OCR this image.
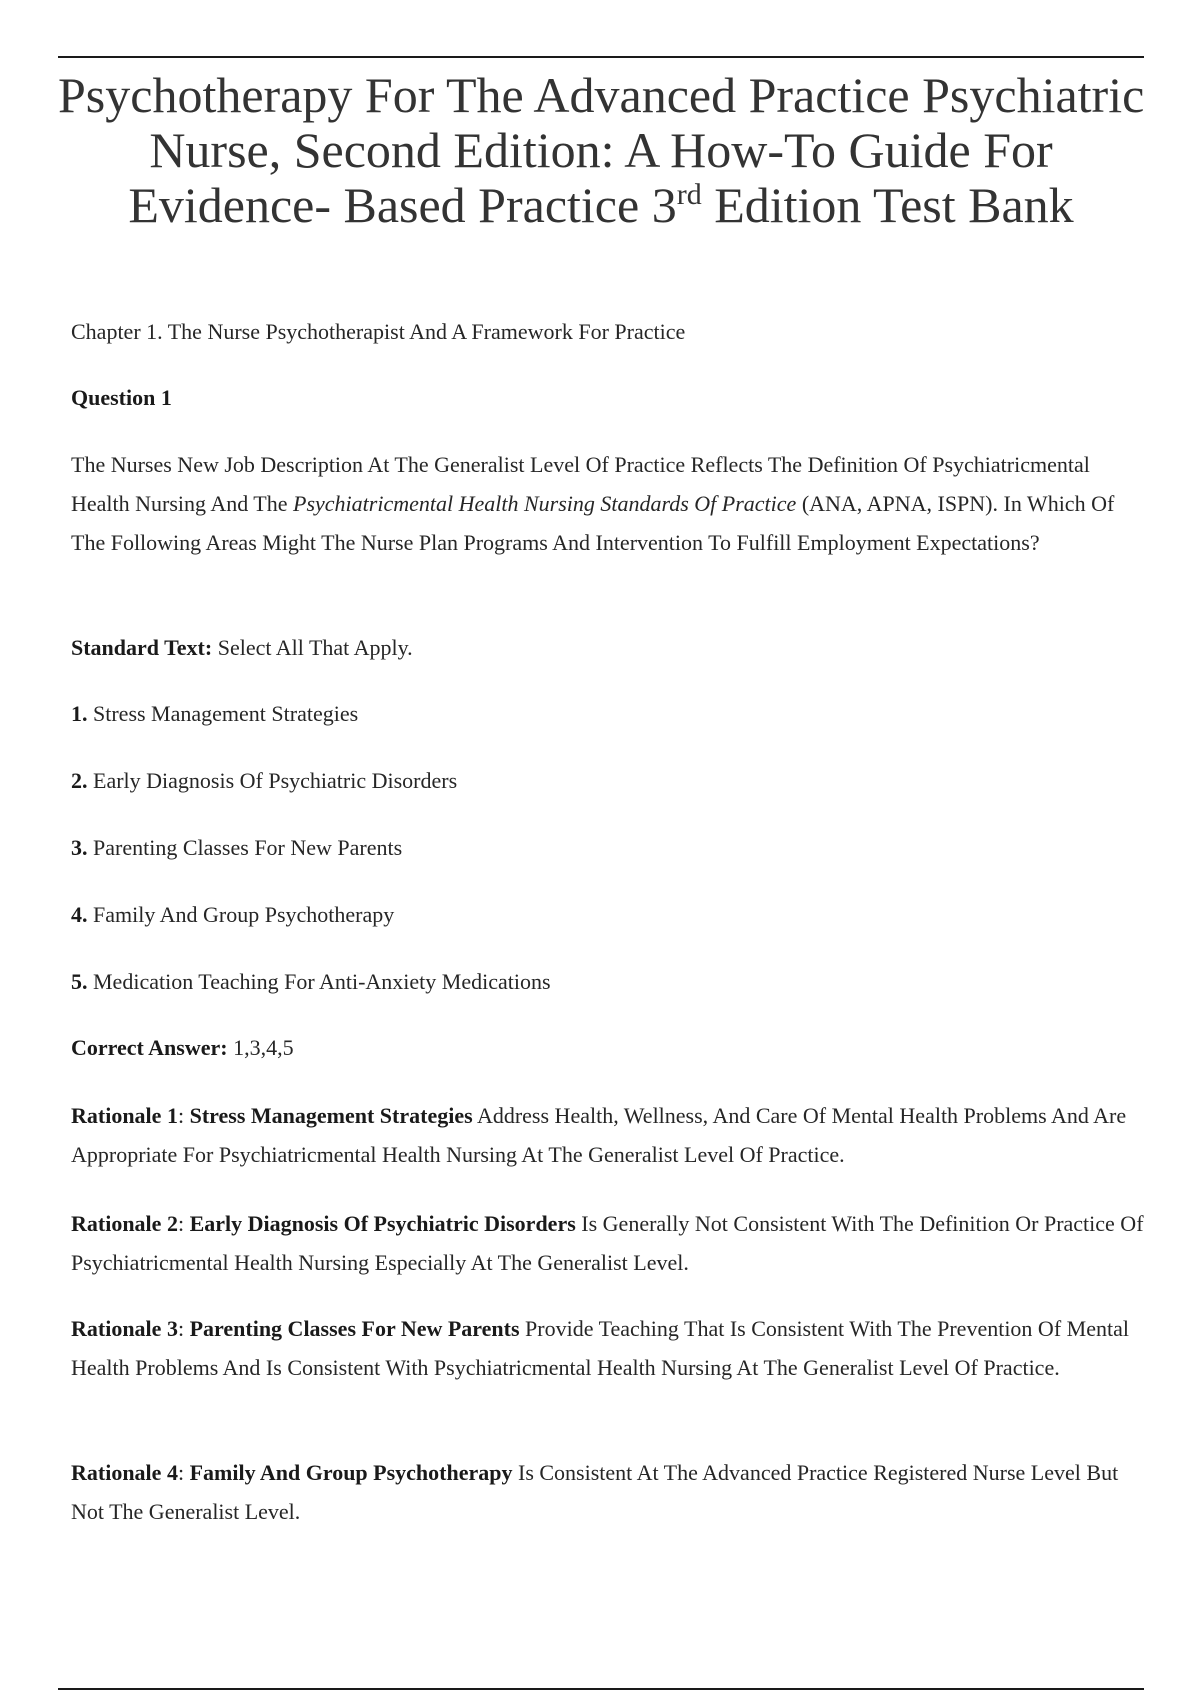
Psychotherapy For The Advanced Practice Psychiatric
Nurse, Second Edition: A How-To Guide For
Evidence- Based Practice 3rd Edition Test Bank

Chapter 1. The Nurse Psychotherapist And A Framework For Practice

Question 1

The Nurses New Job Description At The Generalist Level Of Practice Reflects The Definition Of Psychiatricmental Health Nursing And The Psychiatricmental Health Nursing Standards Of Practice (ANA, APNA, ISPN). In Which Of The Following Areas Might The Nurse Plan Programs And Intervention To Fulfill Employment Expectations?

Standard Text: Select All That Apply.

1. Stress Management Strategies

2. Early Diagnosis Of Psychiatric Disorders

3. Parenting Classes For New Parents

4. Family And Group Psychotherapy

5. Medication Teaching For Anti-Anxiety Medications

Correct Answer: 1,3,4,5

Rationale 1: Stress Management Strategies Address Health, Wellness, And Care Of Mental Health Problems And Are Appropriate For Psychiatricmental Health Nursing At The Generalist Level Of Practice.

Rationale 2: Early Diagnosis Of Psychiatric Disorders Is Generally Not Consistent With The Definition Or Practice Of Psychiatricmental Health Nursing Especially At The Generalist Level.

Rationale 3: Parenting Classes For New Parents Provide Teaching That Is Consistent With The Prevention Of Mental Health Problems And Is Consistent With Psychiatricmental Health Nursing At The Generalist Level Of Practice.

Rationale 4: Family And Group Psychotherapy Is Consistent At The Advanced Practice Registered Nurse Level But Not The Generalist Level.
